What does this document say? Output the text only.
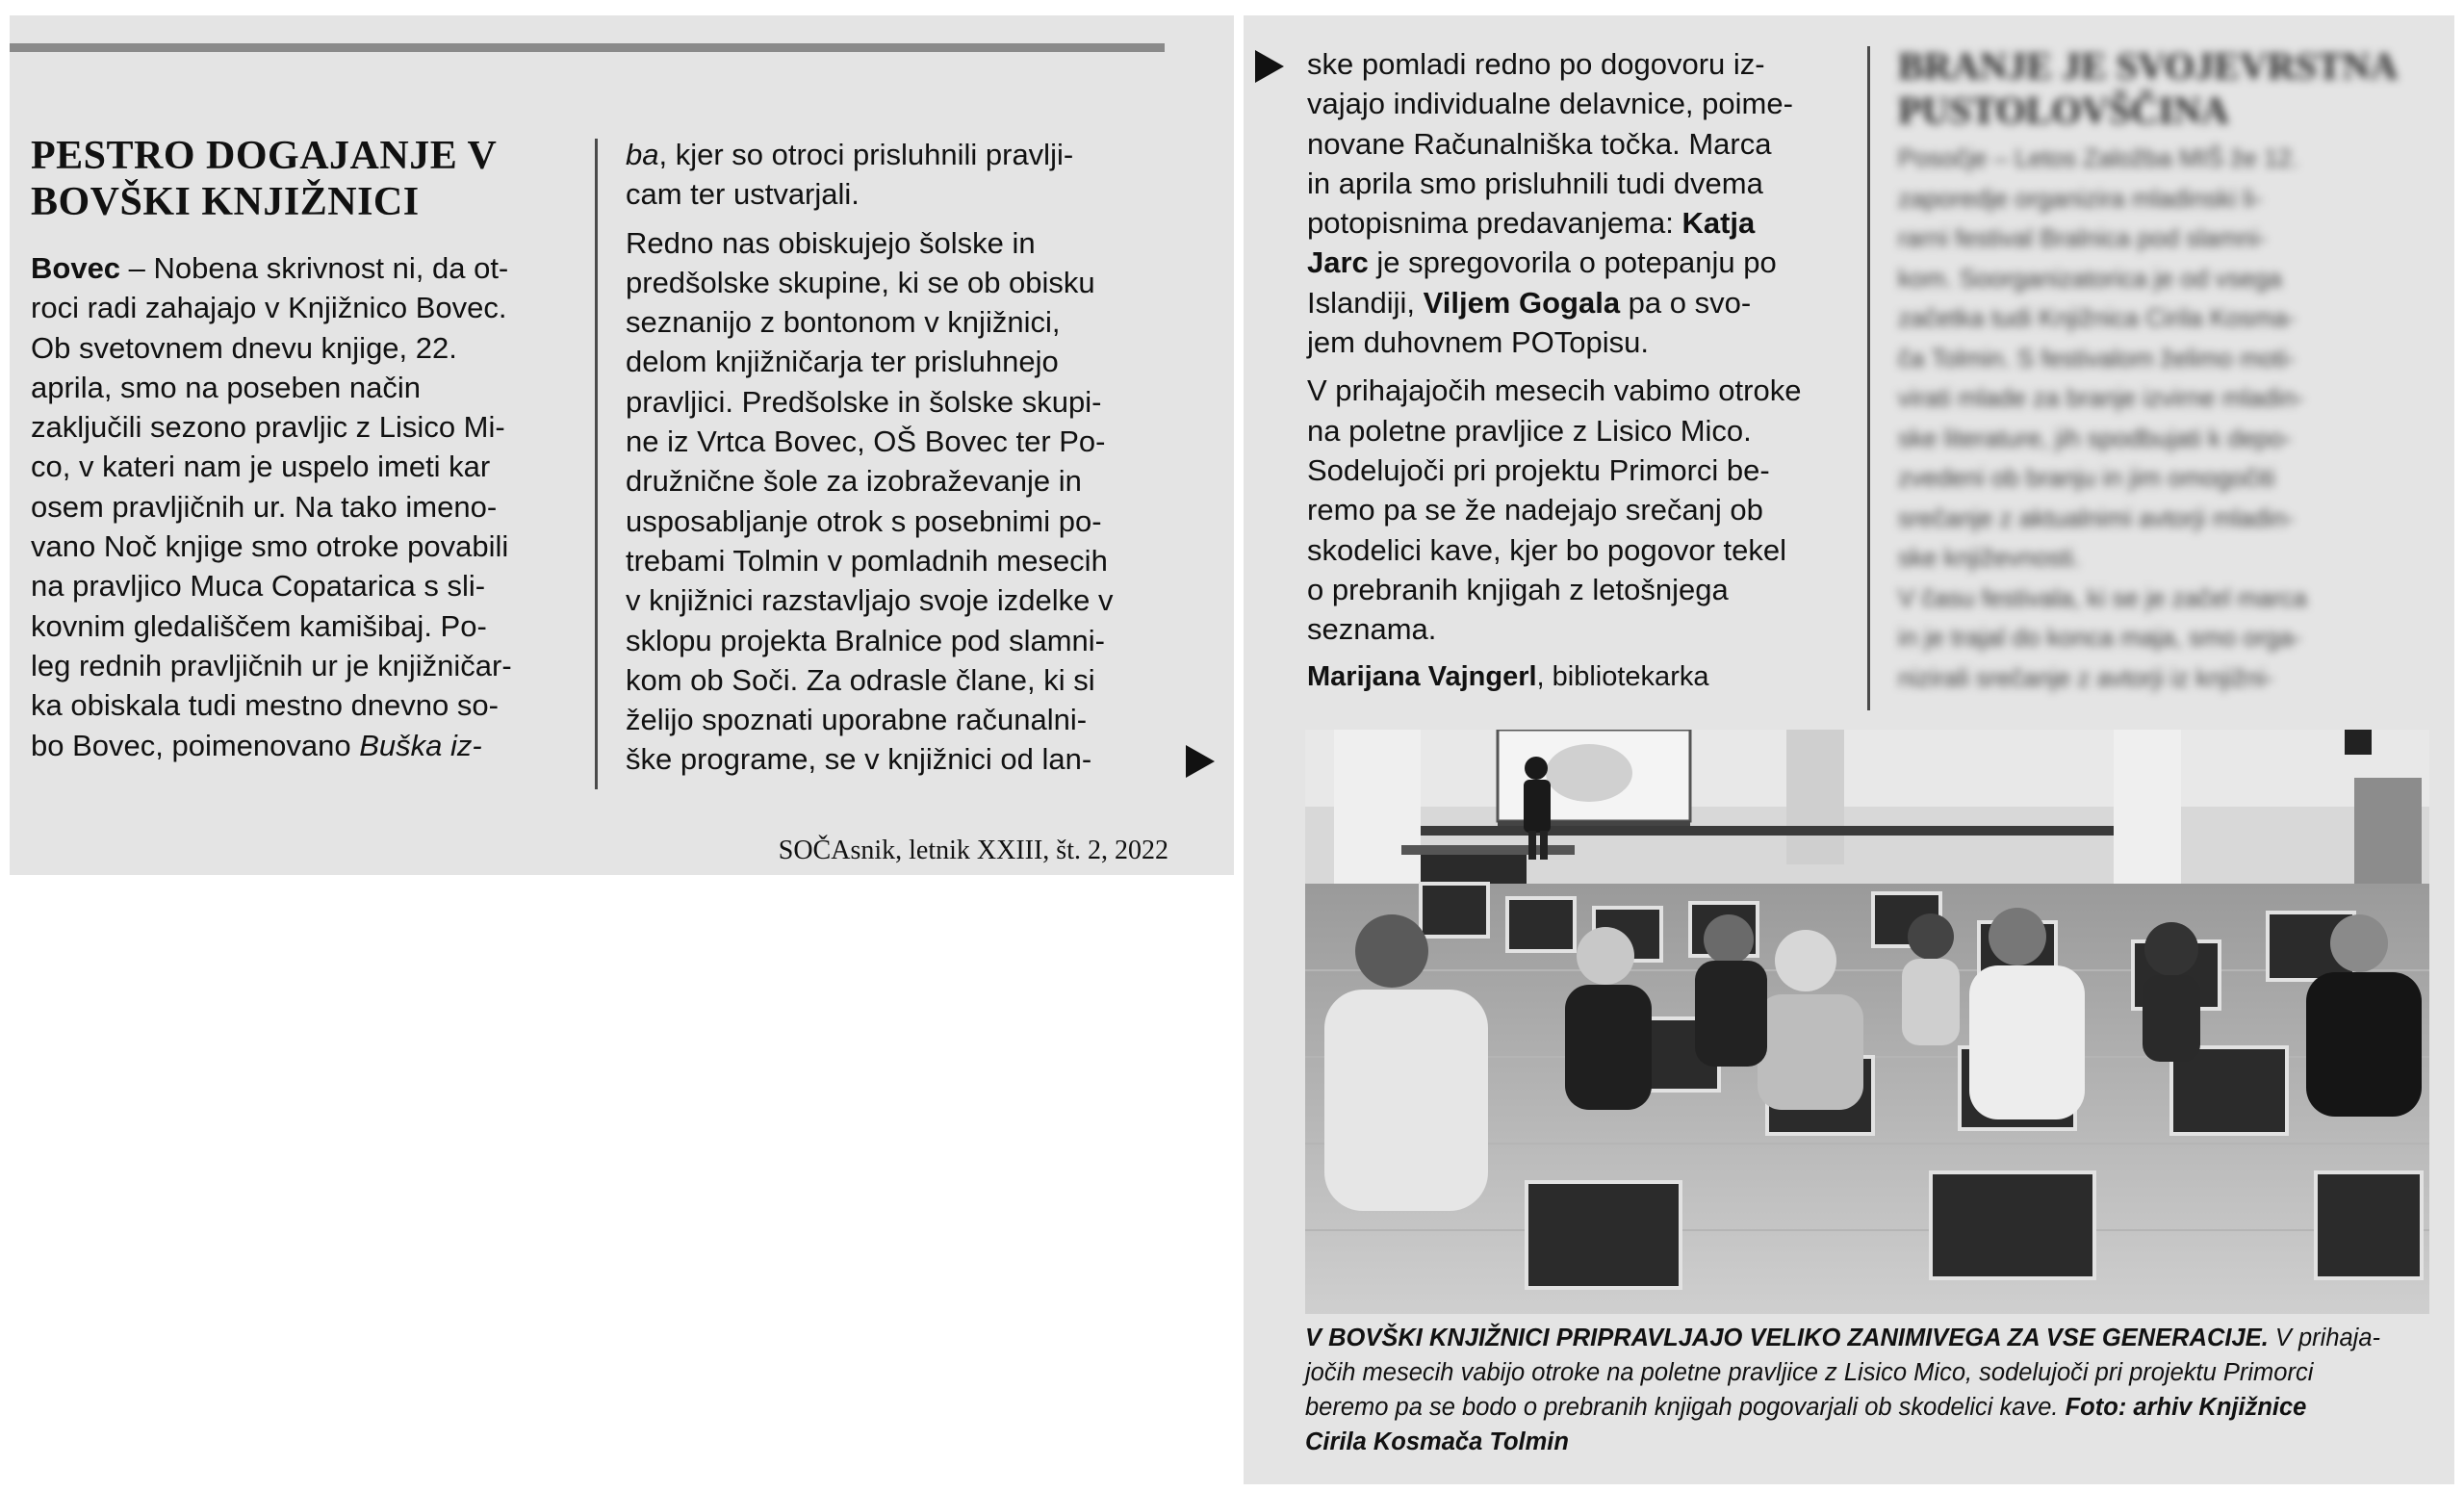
PESTRO DOGAJANJE V
BOVŠKI KNJIŽNICI

Bovec – Nobena skrivnost ni, da ot-
roci radi zahajajo v Knjižnico Bovec.
Ob svetovnem dnevu knjige, 22.
aprila, smo na poseben način
zaključili sezono pravljic z Lisico Mi-
co, v kateri nam je uspelo imeti kar
osem pravljičnih ur. Na tako imeno-
vano Noč knjige smo otroke povabili
na pravljico Muca Copatarica s sli-
kovnim gledališčem kamišibaj. Po-
leg rednih pravljičnih ur je knjižničar-
ka obiskala tudi mestno dnevno so-
bo Bovec, poimenovano Buška iz-

ba, kjer so otroci prisluhnili pravlji-
cam ter ustvarjali.

Redno nas obiskujejo šolske in
predšolske skupine, ki se ob obisku
seznanijo z bontonom v knjižnici,
delom knjižničarja ter prisluhnejo
pravljici. Predšolske in šolske skupi-
ne iz Vrtca Bovec, OŠ Bovec ter Po-
družnične šole za izobraževanje in
usposabljanje otrok s posebnimi po-
trebami Tolmin v pomladnih mesecih
v knjižnici razstavljajo svoje izdelke v
sklopu projekta Bralnice pod slamni-
kom ob Soči. Za odrasle člane, ki si
želijo spoznati uporabne računalni-
ške programe, se v knjižnici od lan-

SOČAsnik, letnik XXIII, št. 2, 2022

ske pomladi redno po dogovoru iz-
vajajo individualne delavnice, poime-
novane Računalniška točka. Marca
in aprila smo prisluhnili tudi dvema
potopisnima predavanjema: Katja
Jarc je spregovorila o potepanju po
Islandiji, Viljem Gogala pa o svo-
jem duhovnem POTopisu.

V prihajajočih mesecih vabimo otroke
na poletne pravljice z Lisico Mico.
Sodelujoči pri projektu Primorci be-
remo pa se že nadejajo srečanj ob
skodelici kave, kjer bo pogovor tekel
o prebranih knjigah z letošnjega
seznama.

Marijana Vajngerl, bibliotekarka

BRANJE JE SVOJEVRSTNA
PUSTOLOVŠČINA
Posočje – Letos Založba MIŠ že 12.
zaporedje organizira mladinski li-
rarni festival Bralnica pod slamni-
kom. Soorganizatorica je od vsega
začetka tudi Knjižnica Cirila Kosma-
ča Tolmin. S festivalom želimo moti-
virati mlade za branje izvirne mladin-
ske literature, jih spodbujati k depo-
zvedeni ob branju in jim omogočiti
srečanje z aktualnimi avtorji mladin-
ske književnosti.
V času festivala, ki se je začel marca
in je trajal do konca maja, smo orga-
nizirali srečanje z avtorji iz knjižni-
V BOVŠKI KNJIŽNICI PRIPRAVLJAJO VELIKO ZANIMIVEGA ZA VSE GENERACIJE. V prihaja-
jočih mesecih vabijo otroke na poletne pravljice z Lisico Mico, sodelujoči pri projektu Primorci
beremo pa se bodo o prebranih knjigah pogovarjali ob skodelici kave. Foto: arhiv Knjižnice
Cirila Kosmača Tolmin
